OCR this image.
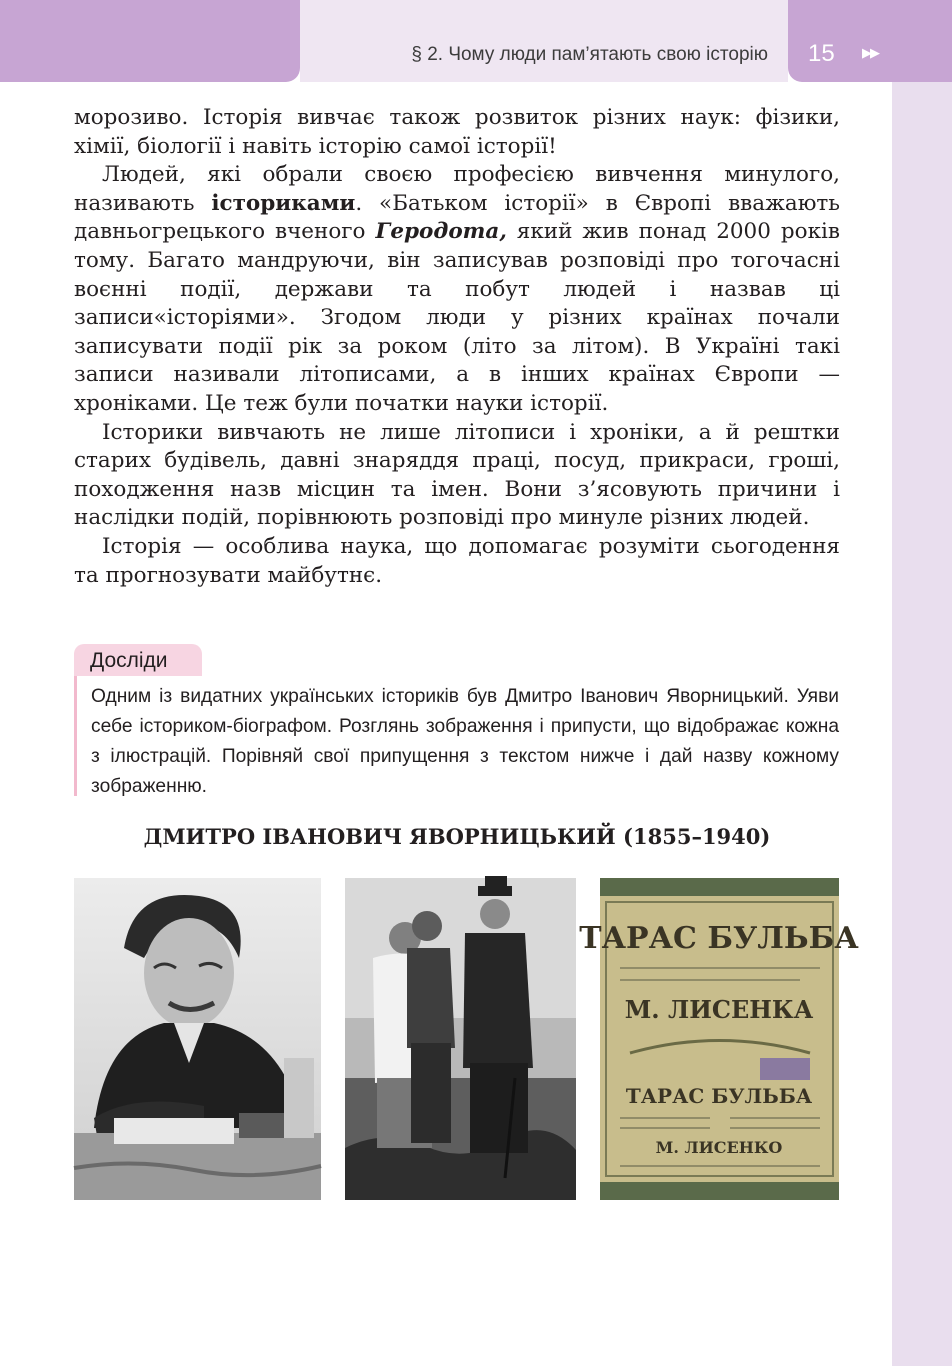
§ 2. Чому люди пам’ятають свою історію 15 ▶▶

морозиво. Історія вивчає також розвиток різних наук: фізики, хімії, біології і навіть історію самої історії!

Людей, які обрали своєю професією вивчення минулого, називають істориками. «Батьком історії» в Європі вважають давньогрецького вченого Геродота, який жив понад 2000 років тому. Багато мандруючи, він записував розповіді про тогочасні воєнні події, держави та побут людей і назвав ці записи«історіями». Згодом люди у різних країнах почали записувати події рік за роком (літо за літом). В Україні такі записи називали літописами, а в інших країнах Європи — хроніками. Це теж були початки науки історії.

Історики вивчають не лише літописи і хроніки, а й рештки старих будівель, давні знаряддя праці, посуд, прикраси, гроші, походження назв місцин та імен. Вони з’ясовують причини і наслідки подій, порівнюють розповіді про минуле різних людей.

Історія — особлива наука, що допомагає розуміти сьогодення та прогнозувати майбутнє.

Досліди
Одним із видатних українських істориків був Дмитро Іванович Яворницький. Уяви себе істориком-біографом. Розглянь зображення і припусти, що відображає кожна з ілюстрацій. Порівняй свої припущення з текстом нижче і дай назву кожному зображенню.
ДМИТРО ІВАНОВИЧ ЯВОРНИЦЬКИЙ (1855–1940)
ТАРАС БУЛЬБА
М. ЛИСЕНКА
ТАРАС БУЛЬБА
М. ЛИСЕНКО
